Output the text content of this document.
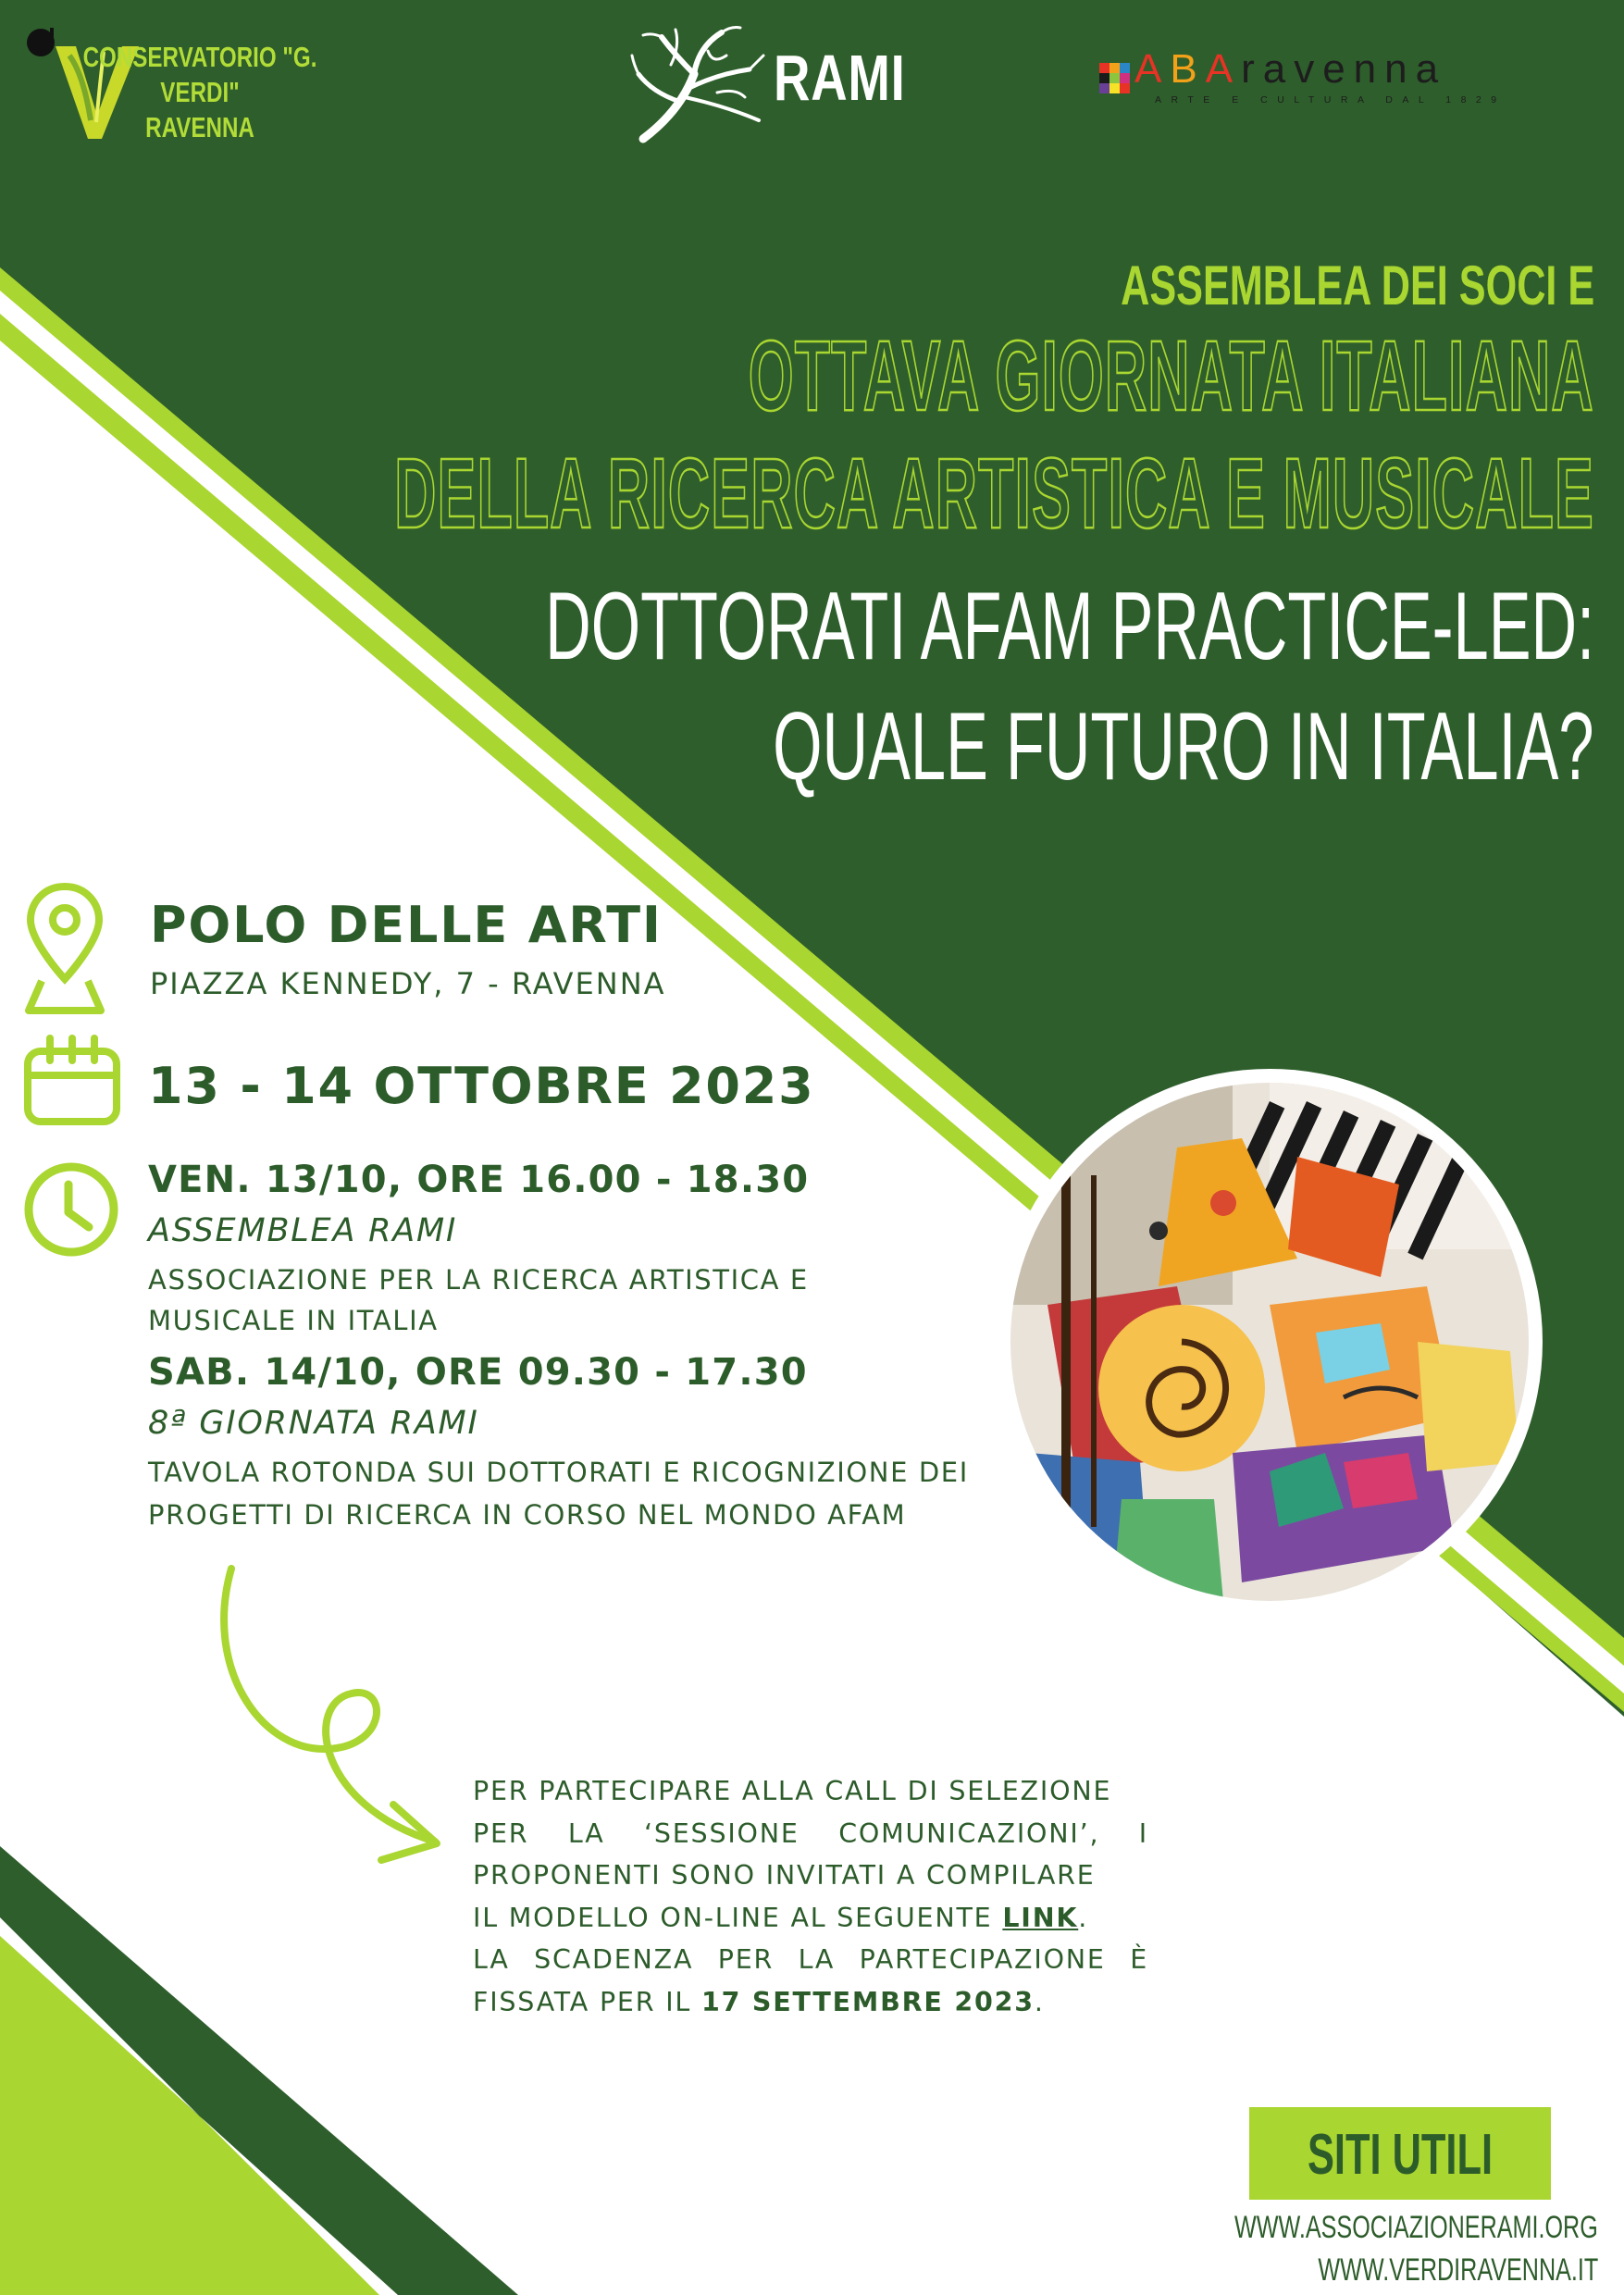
CONSERVATORIO "G. VERDI"
RAVENNA
RAMI	ABAravenna
ARTE E CULTURA DAL 1829
ASSEMBLEA DEI SOCI E
OTTAVA GIORNATA ITALIANA
DELLA RICERCA ARTISTICA E MUSICALE
DOTTORATI AFAM PRACTICE-LED:
QUALE FUTURO IN ITALIA?
POLO DELLE ARTI
PIAZZA KENNEDY, 7 - RAVENNA
13 - 14 OTTOBRE 2023
VEN. 13/10, ORE 16.00 - 18.30
ASSEMBLEA RAMI
ASSOCIAZIONE PER LA RICERCA ARTISTICA E
MUSICALE IN ITALIA
SAB. 14/10, ORE 09.30 - 17.30
8ª GIORNATA RAMI
TAVOLA ROTONDA SUI DOTTORATI E RICOGNIZIONE DEI
PROGETTI DI RICERCA IN CORSO NEL MONDO AFAM
PER PARTECIPARE ALLA CALL DI SELEZIONE
PER LA ‘SESSIONE COMUNICAZIONI’, I
PROPONENTI SONO INVITATI A COMPILARE
IL MODELLO ON-LINE AL SEGUENTE LINK.
LA SCADENZA PER LA PARTECIPAZIONE È
FISSATA PER IL 17 SETTEMBRE 2023.
SITI UTILI
WWW.ASSOCIAZIONERAMI.ORG
WWW.VERDIRAVENNA.IT
